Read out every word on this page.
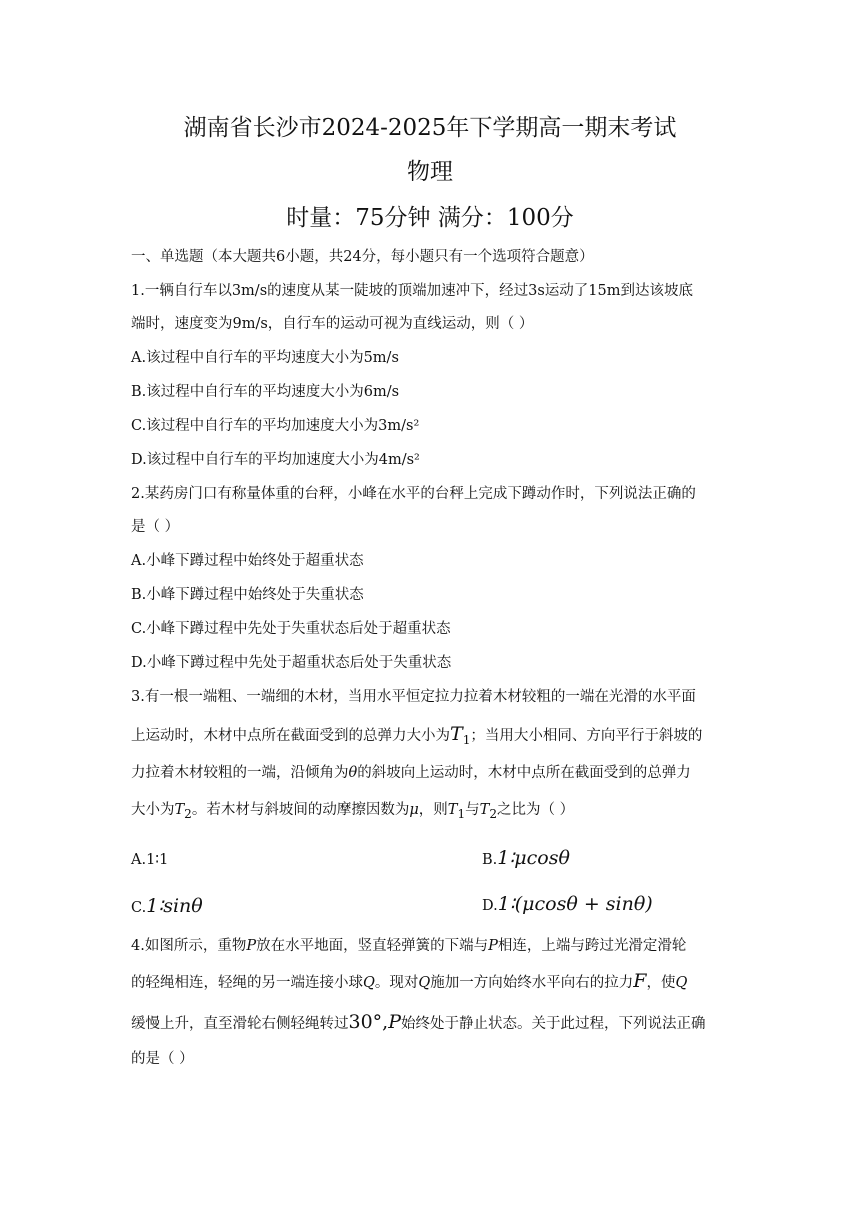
湖南省长沙市2024-2025年下学期高一期末考试
物理
时量：75分钟 满分：100分
一、单选题（本大题共6小题，共24分，每小题只有一个选项符合题意）
1.一辆自行车以3m/s的速度从某一陡坡的顶端加速冲下，经过3s运动了15m到达该坡底
端时，速度变为9m/s，自行车的运动可视为直线运动，则（ ）
A.该过程中自行车的平均速度大小为5m/s
B.该过程中自行车的平均速度大小为6m/s
C.该过程中自行车的平均加速度大小为3m/s²
D.该过程中自行车的平均加速度大小为4m/s²
2.某药房门口有称量体重的台秤，小峰在水平的台秤上完成下蹲动作时，下列说法正确的
是（ ）
A.小峰下蹲过程中始终处于超重状态
B.小峰下蹲过程中始终处于失重状态
C.小峰下蹲过程中先处于失重状态后处于超重状态
D.小峰下蹲过程中先处于超重状态后处于失重状态
3.有一根一端粗、一端细的木材，当用水平恒定拉力拉着木材较粗的一端在光滑的水平面
上运动时，木材中点所在截面受到的总弹力大小为$T_1$；当用大小相同、方向平行于斜坡的
力拉着木材较粗的一端，沿倾角为θ的斜坡向上运动时，木材中点所在截面受到的总弹力
大小为$T_2$。若木材与斜坡间的动摩擦因数为μ，则$T_1$与$T_2$之比为（ ）
A.1∶1	B.1∶μcosθ
C.1∶sinθ	D.1∶(μcosθ + sinθ)
4.如图所示，重物P放在水平地面，竖直轻弹簧的下端与P相连，上端与跨过光滑定滑轮
的轻绳相连，轻绳的另一端连接小球Q。现对Q施加一方向始终水平向右的拉力F，使Q
缓慢上升，直至滑轮右侧轻绳转过30°,P始终处于静止状态。关于此过程，下列说法正确
的是（ ）
